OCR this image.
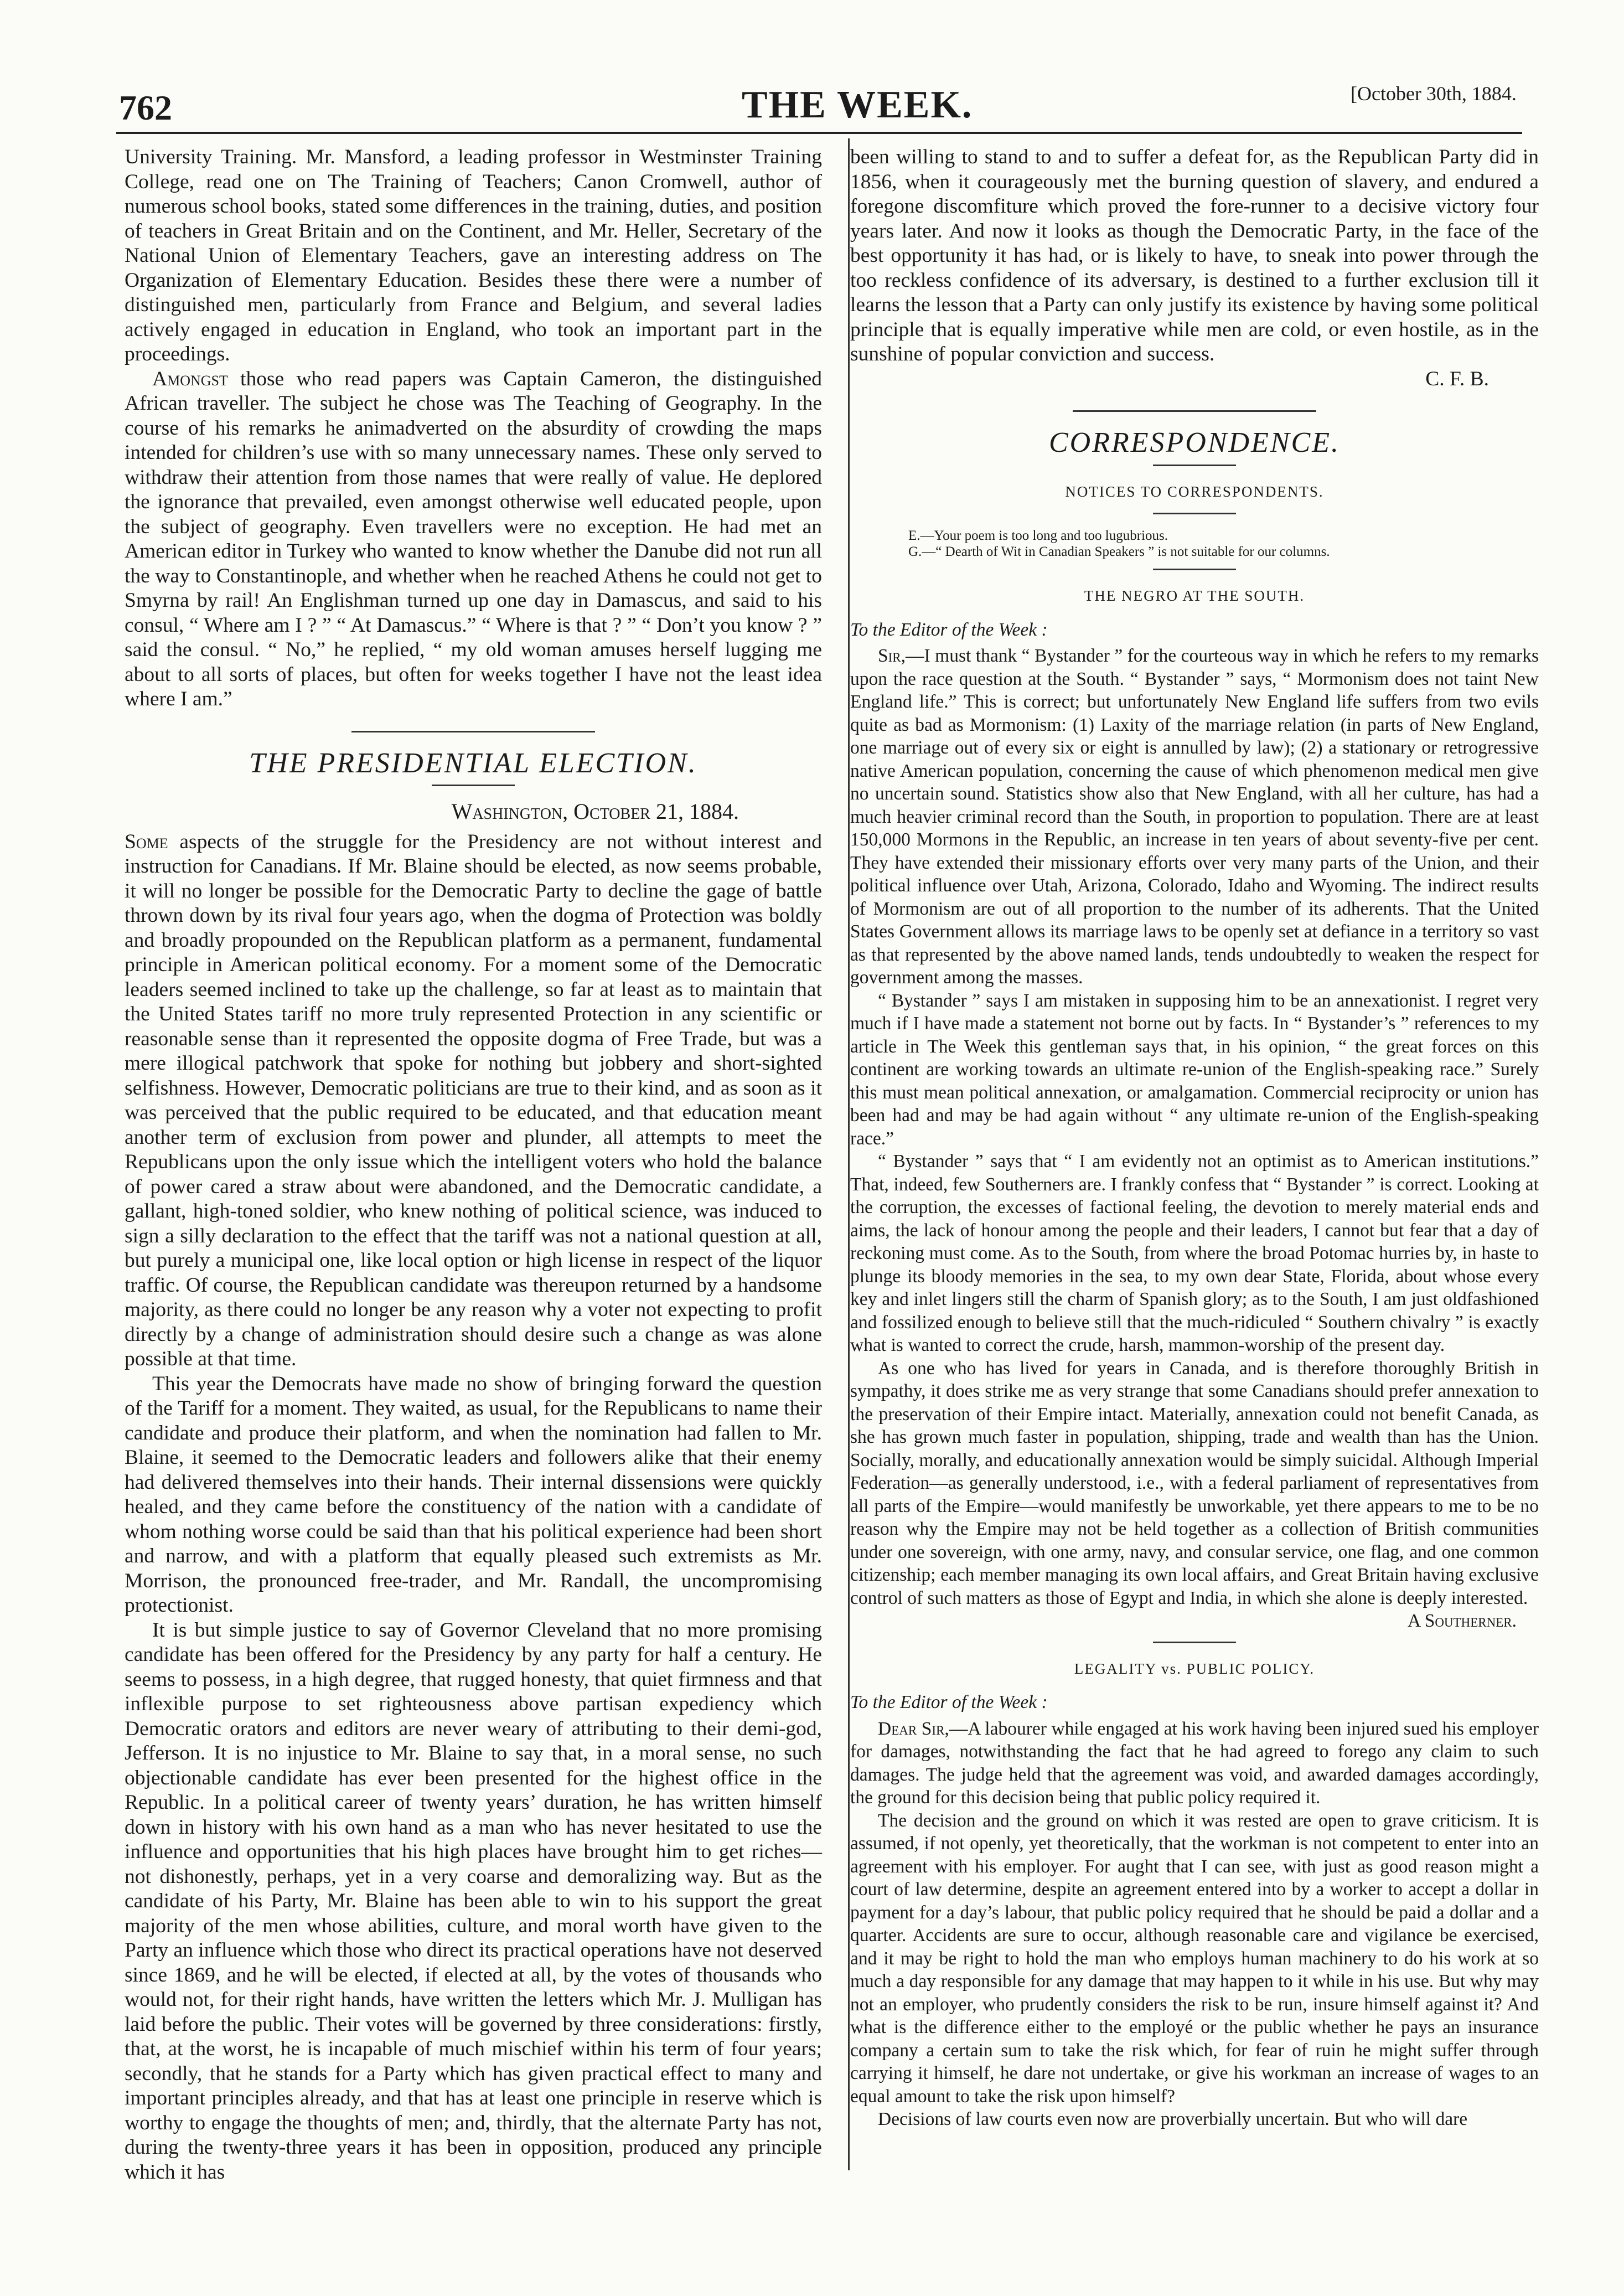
762	THE WEEK.	[October 30th, 1884.

University Training. Mr. Mansford, a leading professor in Westminster Training College, read one on The Training of Teachers; Canon Cromwell, author of numerous school books, stated some differences in the training, duties, and position of teachers in Great Britain and on the Continent, and Mr. Heller, Secretary of the National Union of Elementary Teachers, gave an interesting address on The Organization of Elementary Education. Besides these there were a number of distinguished men, particularly from France and Belgium, and several ladies actively engaged in education in England, who took an important part in the proceedings.

Amongst those who read papers was Captain Cameron, the distinguished African traveller. The subject he chose was The Teaching of Geography. In the course of his remarks he animadverted on the absurdity of crowding the maps intended for children’s use with so many unnecessary names. These only served to withdraw their attention from those names that were really of value. He deplored the ignorance that prevailed, even amongst otherwise well educated people, upon the subject of geography. Even travellers were no exception. He had met an American editor in Turkey who wanted to know whether the Danube did not run all the way to Constantinople, and whether when he reached Athens he could not get to Smyrna by rail! An Englishman turned up one day in Damascus, and said to his consul, “ Where am I ? ” “ At Damascus.” “ Where is that ? ” “ Don’t you know ? ” said the consul. “ No,” he replied, “ my old woman amuses herself lugging me about to all sorts of places, but often for weeks together I have not the least idea where I am.”

THE PRESIDENTIAL ELECTION.
Washington, October 21, 1884.

Some aspects of the struggle for the Presidency are not without interest and instruction for Canadians. If Mr. Blaine should be elected, as now seems probable, it will no longer be possible for the Democratic Party to decline the gage of battle thrown down by its rival four years ago, when the dogma of Protection was boldly and broadly propounded on the Republican platform as a permanent, fundamental principle in American political economy. For a moment some of the Democratic leaders seemed inclined to take up the challenge, so far at least as to maintain that the United States tariff no more truly represented Protection in any scientific or reasonable sense than it represented the opposite dogma of Free Trade, but was a mere illogical patchwork that spoke for nothing but jobbery and short-sighted selfishness. However, Democratic politicians are true to their kind, and as soon as it was perceived that the public required to be educated, and that education meant another term of exclusion from power and plunder, all attempts to meet the Republicans upon the only issue which the intelligent voters who hold the balance of power cared a straw about were abandoned, and the Democratic candidate, a gallant, high-toned soldier, who knew nothing of political science, was induced to sign a silly declaration to the effect that the tariff was not a national question at all, but purely a municipal one, like local option or high license in respect of the liquor traffic. Of course, the Republican candidate was thereupon returned by a handsome majority, as there could no longer be any reason why a voter not expecting to profit directly by a change of administration should desire such a change as was alone possible at that time.

This year the Democrats have made no show of bringing forward the question of the Tariff for a moment. They waited, as usual, for the Republicans to name their candidate and produce their platform, and when the nomination had fallen to Mr. Blaine, it seemed to the Democratic leaders and followers alike that their enemy had delivered themselves into their hands. Their internal dissensions were quickly healed, and they came before the constituency of the nation with a candidate of whom nothing worse could be said than that his political experience had been short and narrow, and with a platform that equally pleased such extremists as Mr. Morrison, the pronounced free-trader, and Mr. Randall, the uncompromising protectionist.

It is but simple justice to say of Governor Cleveland that no more promising candidate has been offered for the Presidency by any party for half a century. He seems to possess, in a high degree, that rugged honesty, that quiet firmness and that inflexible purpose to set righteousness above partisan expediency which Democratic orators and editors are never weary of attributing to their demi-god, Jefferson. It is no injustice to Mr. Blaine to say that, in a moral sense, no such objectionable candidate has ever been presented for the highest office in the Republic. In a political career of twenty years’ duration, he has written himself down in history with his own hand as a man who has never hesitated to use the influence and opportunities that his high places have brought him to get riches—not dishonestly, perhaps, yet in a very coarse and demoralizing way. But as the candidate of his Party, Mr. Blaine has been able to win to his support the great majority of the men whose abilities, culture, and moral worth have given to the Party an influence which those who direct its practical operations have not deserved since 1869, and he will be elected, if elected at all, by the votes of thousands who would not, for their right hands, have written the letters which Mr. J. Mulligan has laid before the public. Their votes will be governed by three considerations: firstly, that, at the worst, he is incapable of much mischief within his term of four years; secondly, that he stands for a Party which has given practical effect to many and important principles already, and that has at least one principle in reserve which is worthy to engage the thoughts of men; and, thirdly, that the alternate Party has not, during the twenty-three years it has been in opposition, produced any principle which it has

been willing to stand to and to suffer a defeat for, as the Republican Party did in 1856, when it courageously met the burning question of slavery, and endured a foregone discomfiture which proved the fore-runner to a decisive victory four years later. And now it looks as though the Democratic Party, in the face of the best opportunity it has had, or is likely to have, to sneak into power through the too reckless confidence of its adversary, is destined to a further exclusion till it learns the lesson that a Party can only justify its existence by having some political principle that is equally imperative while men are cold, or even hostile, as in the sunshine of popular conviction and success.

C. F. B.
CORRESPONDENCE.
NOTICES TO CORRESPONDENTS.
E.—Your poem is too long and too lugubrious.
G.—“ Dearth of Wit in Canadian Speakers ” is not suitable for our columns.
THE NEGRO AT THE SOUTH.
To the Editor of the Week :

Sir,—I must thank “ Bystander ” for the courteous way in which he refers to my remarks upon the race question at the South. “ Bystander ” says, “ Mormonism does not taint New England life.” This is correct; but unfortunately New England life suffers from two evils quite as bad as Mormonism: (1) Laxity of the marriage relation (in parts of New England, one marriage out of every six or eight is annulled by law); (2) a stationary or retrogressive native American population, concerning the cause of which phenomenon medical men give no uncertain sound. Statistics show also that New England, with all her culture, has had a much heavier criminal record than the South, in proportion to population. There are at least 150,000 Mormons in the Republic, an increase in ten years of about seventy-five per cent. They have extended their missionary efforts over very many parts of the Union, and their political influence over Utah, Arizona, Colorado, Idaho and Wyoming. The indirect results of Mormonism are out of all proportion to the number of its adherents. That the United States Government allows its marriage laws to be openly set at defiance in a territory so vast as that represented by the above named lands, tends undoubtedly to weaken the respect for government among the masses.

“ Bystander ” says I am mistaken in supposing him to be an annexationist. I regret very much if I have made a statement not borne out by facts. In “ Bystander’s ” references to my article in The Week this gentleman says that, in his opinion, “ the great forces on this continent are working towards an ultimate re-union of the English-speaking race.” Surely this must mean political annexation, or amalgamation. Commercial reciprocity or union has been had and may be had again without “ any ultimate re-union of the English-speaking race.”

“ Bystander ” says that “ I am evidently not an optimist as to American institutions.” That, indeed, few Southerners are. I frankly confess that “ Bystander ” is correct. Looking at the corruption, the excesses of factional feeling, the devotion to merely material ends and aims, the lack of honour among the people and their leaders, I cannot but fear that a day of reckoning must come. As to the South, from where the broad Potomac hurries by, in haste to plunge its bloody memories in the sea, to my own dear State, Florida, about whose every key and inlet lingers still the charm of Spanish glory; as to the South, I am just oldfashioned and fossilized enough to believe still that the much-ridiculed “ Southern chivalry ” is exactly what is wanted to correct the crude, harsh, mammon-worship of the present day.

As one who has lived for years in Canada, and is therefore thoroughly British in sympathy, it does strike me as very strange that some Canadians should prefer annexation to the preservation of their Empire intact. Materially, annexation could not benefit Canada, as she has grown much faster in population, shipping, trade and wealth than has the Union. Socially, morally, and educationally annexation would be simply suicidal. Although Imperial Federation—as generally understood, i.e., with a federal parliament of representatives from all parts of the Empire—would manifestly be unworkable, yet there appears to me to be no reason why the Empire may not be held together as a collection of British communities under one sovereign, with one army, navy, and consular service, one flag, and one common citizenship; each member managing its own local affairs, and Great Britain having exclusive control of such matters as those of Egypt and India, in which she alone is deeply interested.

A Southerner.
LEGALITY vs. PUBLIC POLICY.
To the Editor of the Week :

Dear Sir,—A labourer while engaged at his work having been injured sued his employer for damages, notwithstanding the fact that he had agreed to forego any claim to such damages. The judge held that the agreement was void, and awarded damages accordingly, the ground for this decision being that public policy required it.

The decision and the ground on which it was rested are open to grave criticism. It is assumed, if not openly, yet theoretically, that the workman is not competent to enter into an agreement with his employer. For aught that I can see, with just as good reason might a court of law determine, despite an agreement entered into by a worker to accept a dollar in payment for a day’s labour, that public policy required that he should be paid a dollar and a quarter. Accidents are sure to occur, although reasonable care and vigilance be exercised, and it may be right to hold the man who employs human machinery to do his work at so much a day responsible for any damage that may happen to it while in his use. But why may not an employer, who prudently considers the risk to be run, insure himself against it? And what is the difference either to the employé or the public whether he pays an insurance company a certain sum to take the risk which, for fear of ruin he might suffer through carrying it himself, he dare not undertake, or give his workman an increase of wages to an equal amount to take the risk upon himself?

Decisions of law courts even now are proverbially uncertain. But who will dare
